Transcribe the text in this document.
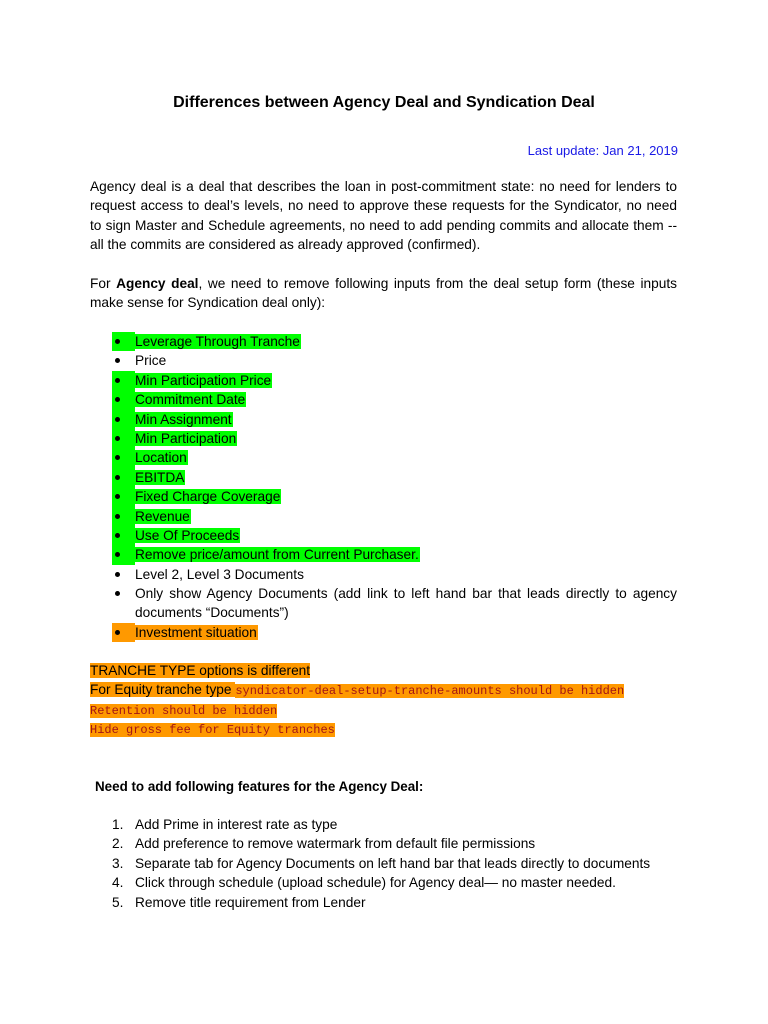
Differences between Agency Deal and Syndication Deal
Last update: Jan 21, 2019
Agency deal is a deal that describes the loan in post-commitment state: no need for lenders to request access to deal’s levels, no need to approve these requests for the Syndicator, no need to sign Master and Schedule agreements, no need to add pending commits and allocate them -- all the commits are considered as already approved (confirmed).
For Agency deal, we need to remove following inputs from the deal setup form (these inputs make sense for Syndication deal only):
Leverage Through Tranche
Price
Min Participation Price
Commitment Date
Min Assignment
Min Participation
Location
EBITDA
Fixed Charge Coverage
Revenue
Use Of Proceeds
Remove price/amount from Current Purchaser.
Level 2, Level 3 Documents
Only show Agency Documents (add link to left hand bar that leads directly to agency documents “Documents”)
Investment situation
TRANCHE TYPE options is different
For Equity tranche type syndicator-deal-setup-tranche-amounts should be hidden
Retention should be hidden
Hide gross fee for Equity tranches
Need to add following features for the Agency Deal:
1. Add Prime in interest rate as type
2. Add preference to remove watermark from default file permissions
3. Separate tab for Agency Documents on left hand bar that leads directly to documents
4. Click through schedule (upload schedule) for Agency deal— no master needed.
5. Remove title requirement from Lender
